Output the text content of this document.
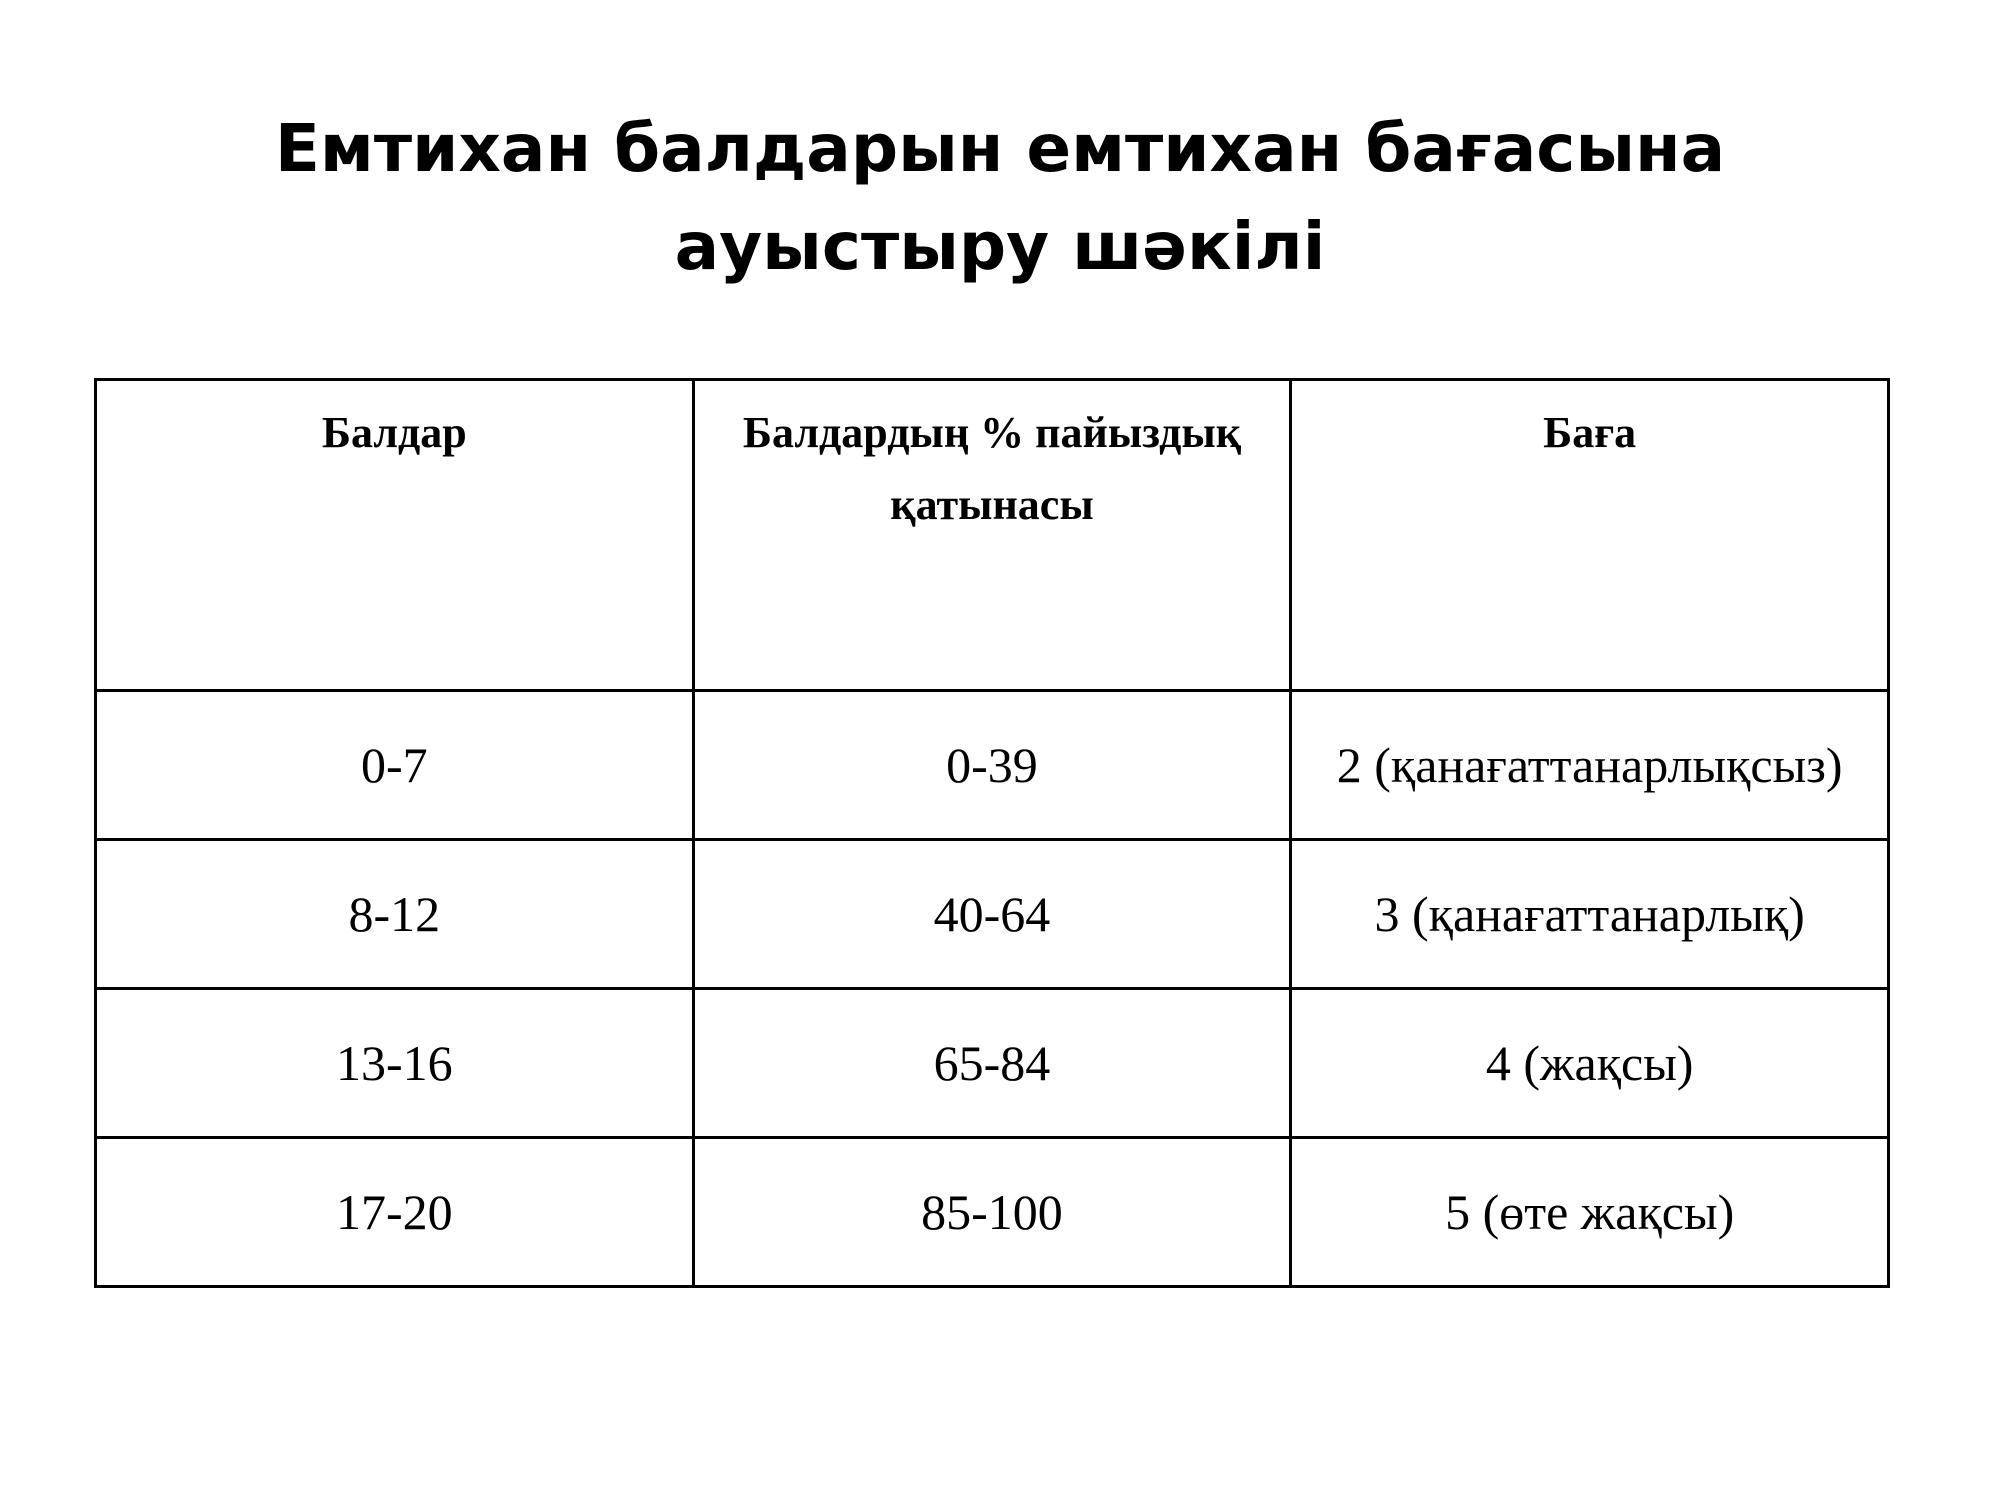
Емтихан балдарын емтихан бағасына ауыстыру шәкілі
Балдар	Балдардың % пайыздық қатынасы	Баға

0-7	0-39	2 (қанағаттанарлықсыз)
8-12	40-64	3 (қанағаттанарлық)
13-16	65-84	4 (жақсы)
17-20	85-100	5 (өте жақсы)
